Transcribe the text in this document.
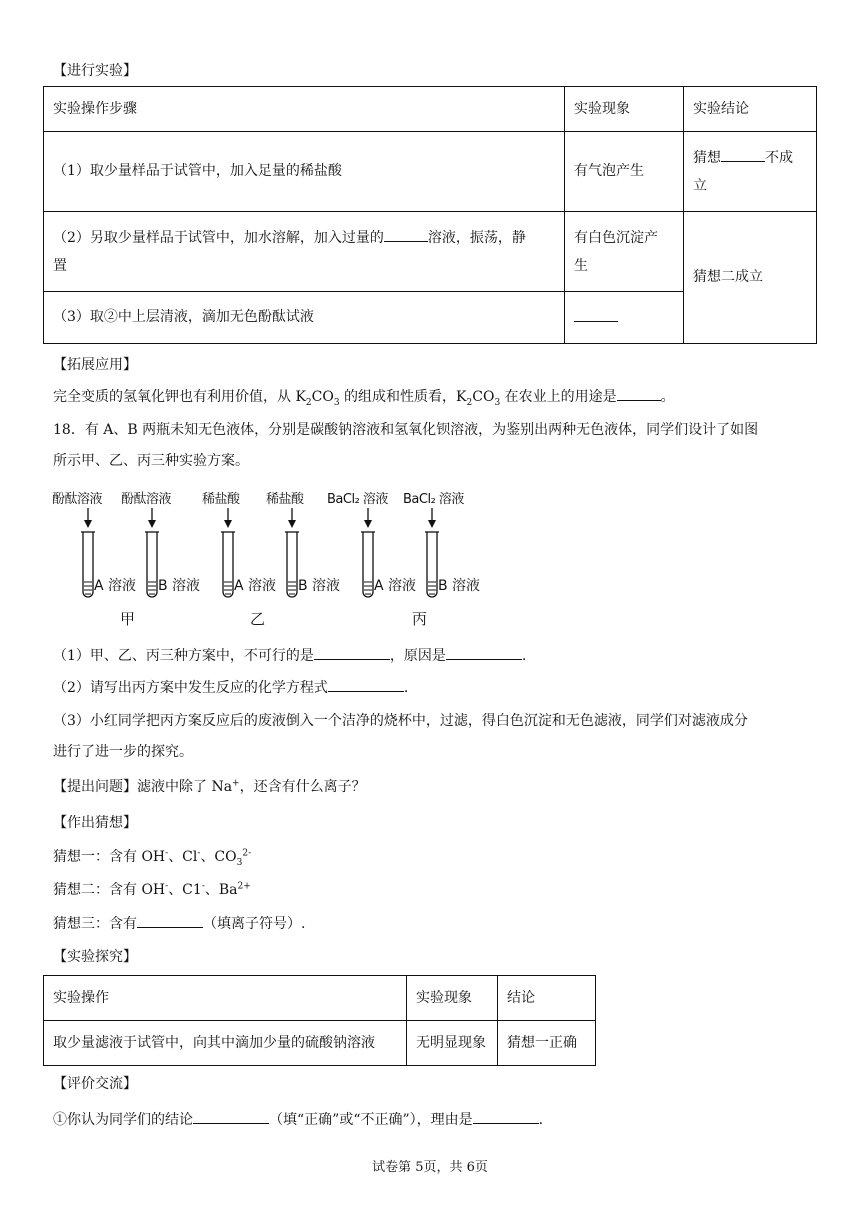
【进行实验】
实验操作步骤	实验现象	实验结论
（1）取少量样品于试管中，加入足量的稀盐酸	有气泡产生	猜想 不成
立
（2）另取少量样品于试管中，加水溶解，加入过量的 溶液，振荡，静
置	有白色沉淀产
生	猜想二成立
（3）取②中上层清液，滴加无色酚酞试液		
【拓展应用】
完全变质的氢氧化钾也有利用价值，从 $K_2CO_3$ 的组成和性质看，$K_2CO_3$ 在农业上的用途是	。
18．有 A、B 两瓶未知无色液体，分别是碳酸钠溶液和氢氧化钡溶液，为鉴别出两种无色液体，同学们设计了如图
所示甲、乙、丙三种实验方案。
酚酞溶液 酚酞溶液 稀盐酸 稀盐酸 BaCl₂ 溶液 BaCl₂ 溶液
A 溶液 B 溶液 A 溶液 B 溶液 A 溶液 B 溶液
甲	乙	丙
（1）甲、乙、丙三种方案中，不可行的是	，原因是	.
（2）请写出丙方案中发生反应的化学方程式	.
（3）小红同学把丙方案反应后的废液倒入一个洁净的烧杯中，过滤，得白色沉淀和无色滤液，同学们对滤液成分
进行了进一步的探究。
【提出问题】滤液中除了 Na+，还含有什么离子？
【作出猜想】
猜想一：含有 OH-、Cl-、$CO_3^{2-}$
猜想二：含有 OH-、C1-、$Ba^{2+}$
猜想三：含有	（填离子符号）.
【实验探究】
实验操作	实验现象	结论
取少量滤液于试管中，向其中滴加少量的硫酸钠溶液	无明显现象	猜想一正确
【评价交流】
①你认为同学们的结论	（填“正确”或“不正确”），理由是	.
试卷第 5页，共 6页
